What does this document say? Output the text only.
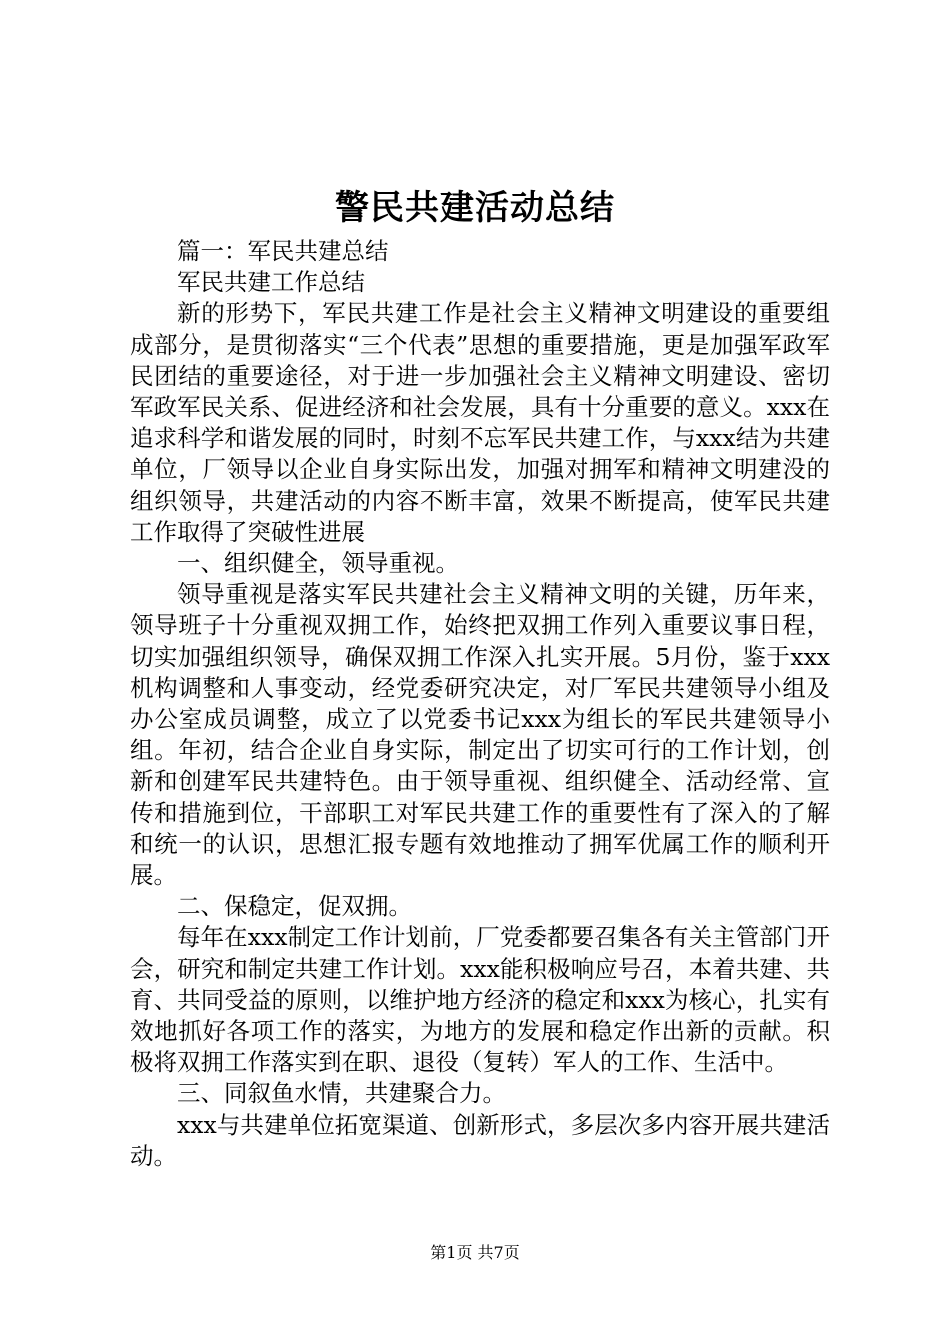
警民共建活动总结

篇一：军民共建总结

军民共建工作总结

新的形势下，军民共建工作是社会主义精神文明建设的重要组成部分，是贯彻落实“三个代表”思想的重要措施，更是加强军政军民团结的重要途径，对于进一步加强社会主义精神文明建设、密切军政军民关系、促进经济和社会发展，具有十分重要的意义。xxx在追求科学和谐发展的同时，时刻不忘军民共建工作，与xxx结为共建单位，厂领导以企业自身实际出发，加强对拥军和精神文明建没的组织领导，共建活动的内容不断丰富，效果不断提高，使军民共建工作取得了突破性进展

一、组织健全，领导重视。

领导重视是落实军民共建社会主义精神文明的关键，历年来，领导班子十分重视双拥工作，始终把双拥工作列入重要议事日程，切实加强组织领导，确保双拥工作深入扎实开展。5月份，鉴于xxx机构调整和人事变动，经党委研究决定，对厂军民共建领导小组及办公室成员调整，成立了以党委书记xxx为组长的军民共建领导小组。年初，结合企业自身实际，制定出了切实可行的工作计划，创新和创建军民共建特色。由于领导重视、组织健全、活动经常、宣传和措施到位，干部职工对军民共建工作的重要性有了深入的了解和统一的认识，思想汇报专题有效地推动了拥军优属工作的顺利开展。

二、保稳定，促双拥。

每年在xxx制定工作计划前，厂党委都要召集各有关主管部门开会，研究和制定共建工作计划。xxx能积极响应号召，本着共建、共育、共同受益的原则，以维护地方经济的稳定和xxx为核心，扎实有效地抓好各项工作的落实，为地方的发展和稳定作出新的贡献。积极将双拥工作落实到在职、退役（复转）军人的工作、生活中。

三、同叙鱼水情，共建聚合力。

xxx与共建单位拓宽渠道、创新形式，多层次多内容开展共建活动。

第1页 共7页
